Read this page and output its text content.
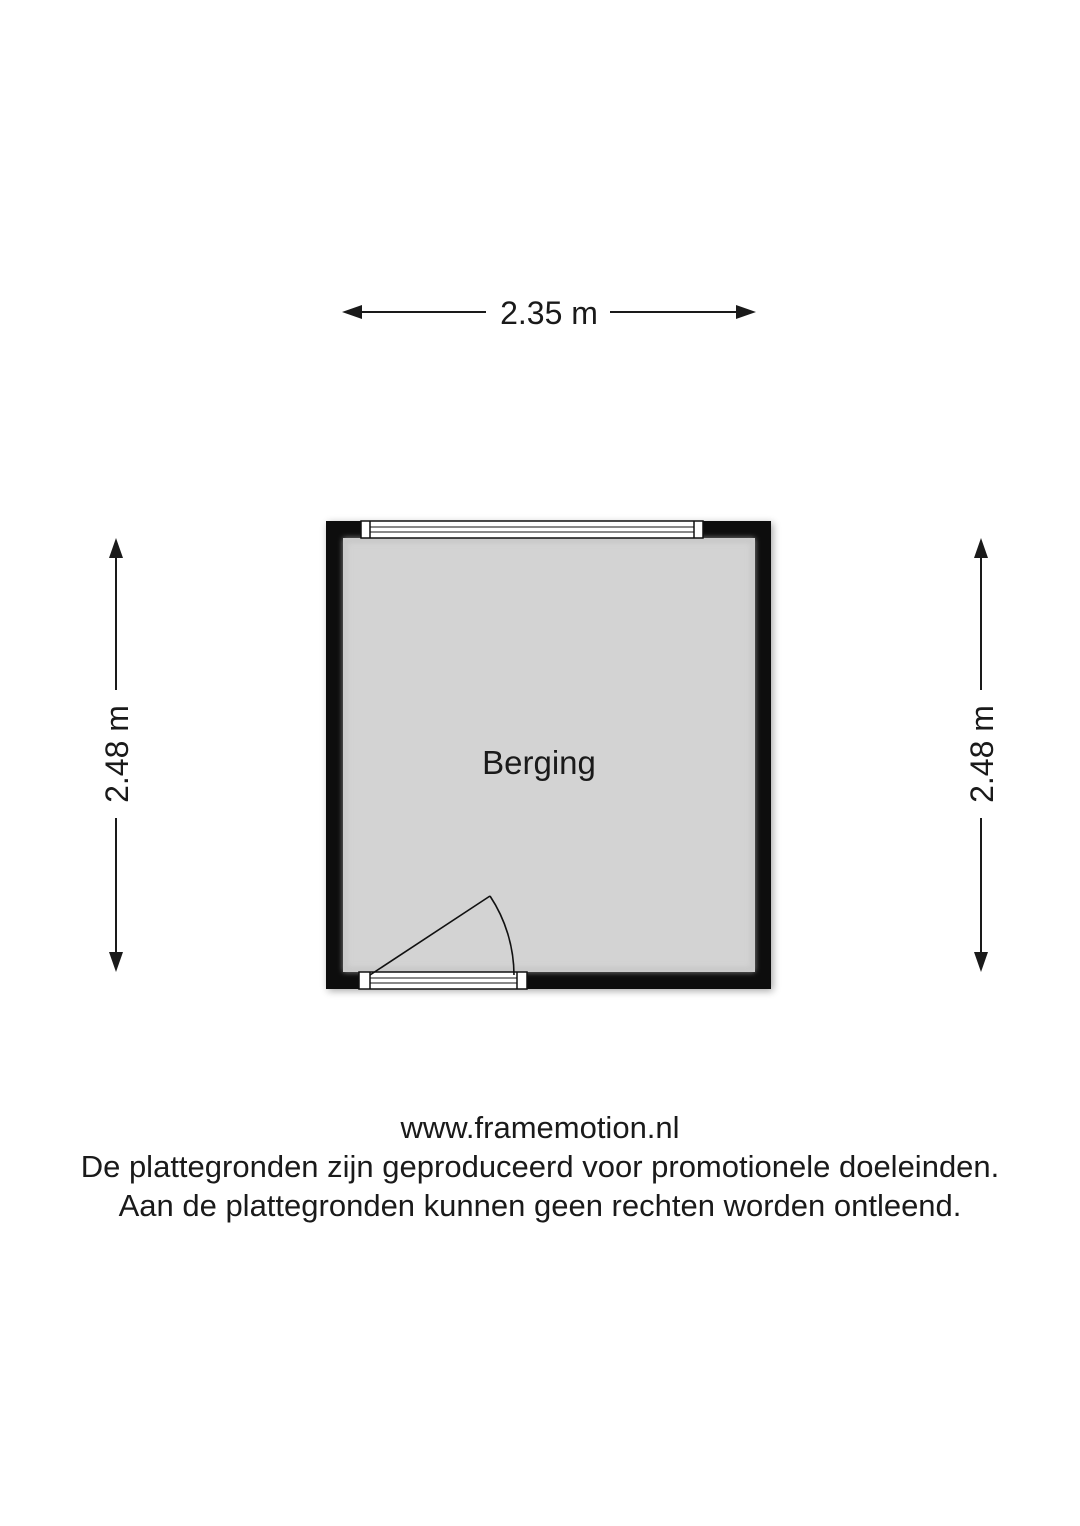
2.35 m
2.48 m	2.48 m
Berging
www.framemotion.nl
De plattegronden zijn geproduceerd voor promotionele doeleinden.
Aan de plattegronden kunnen geen rechten worden ontleend.
